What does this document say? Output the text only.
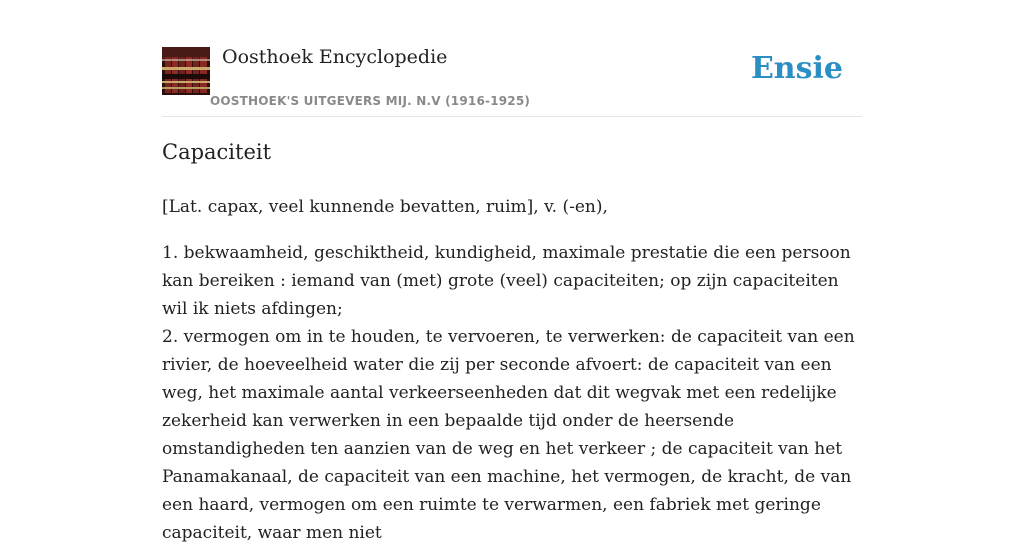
Oosthoek Encyclopedie
OOSTHOEK'S UITGEVERS MIJ. N.V (1916-1925)
Ensie
Capaciteit

[Lat. capax, veel kunnende bevatten, ruim], v. (-en),

1. bekwaamheid, geschiktheid, kundigheid, maximale prestatie die een persoon kan bereiken : iemand van (met) grote (veel) capaciteiten; op zijn capaciteiten wil ik niets afdingen;
2. vermogen om in te houden, te vervoeren, te verwerken: de capaciteit van een rivier, de hoeveelheid water die zij per seconde afvoert: de capaciteit van een weg, het maximale aantal verkeerseenheden dat dit wegvak met een redelijke zekerheid kan verwerken in een bepaalde tijd onder de heersende omstandigheden ten aanzien van de weg en het verkeer ; de capaciteit van het Panamakanaal, de capaciteit van een machine, het vermogen, de kracht, de van een haard, vermogen om een ruimte te verwarmen, een fabriek met geringe capaciteit, waar men niet
